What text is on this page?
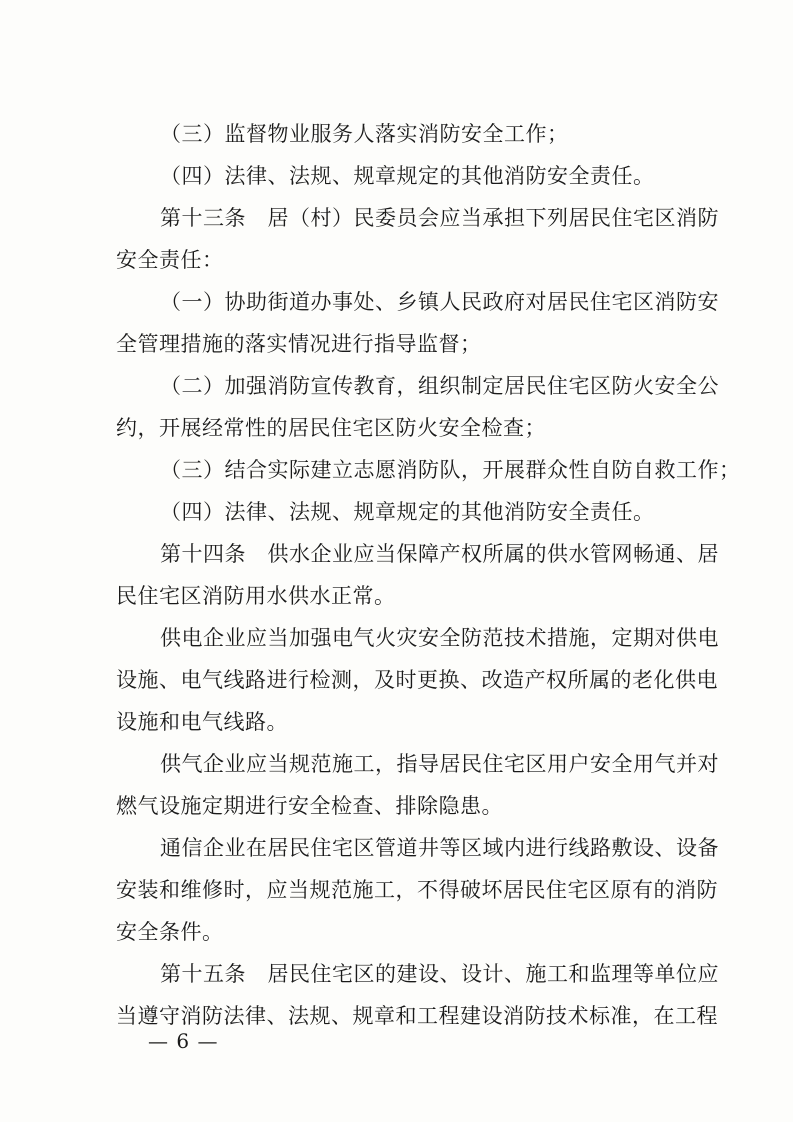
（三）监督物业服务人落实消防安全工作；
（四）法律、法规、规章规定的其他消防安全责任。
第十三条　居（村）民委员会应当承担下列居民住宅区消防
安全责任：
（一）协助街道办事处、乡镇人民政府对居民住宅区消防安
全管理措施的落实情况进行指导监督；
（二）加强消防宣传教育，组织制定居民住宅区防火安全公
约，开展经常性的居民住宅区防火安全检查；
（三）结合实际建立志愿消防队，开展群众性自防自救工作；
（四）法律、法规、规章规定的其他消防安全责任。
第十四条　供水企业应当保障产权所属的供水管网畅通、居
民住宅区消防用水供水正常。
供电企业应当加强电气火灾安全防范技术措施，定期对供电
设施、电气线路进行检测，及时更换、改造产权所属的老化供电
设施和电气线路。
供气企业应当规范施工，指导居民住宅区用户安全用气并对
燃气设施定期进行安全检查、排除隐患。
通信企业在居民住宅区管道井等区域内进行线路敷设、设备
安装和维修时，应当规范施工，不得破坏居民住宅区原有的消防
安全条件。
第十五条　居民住宅区的建设、设计、施工和监理等单位应
当遵守消防法律、法规、规章和工程建设消防技术标准，在工程
— 6 —
